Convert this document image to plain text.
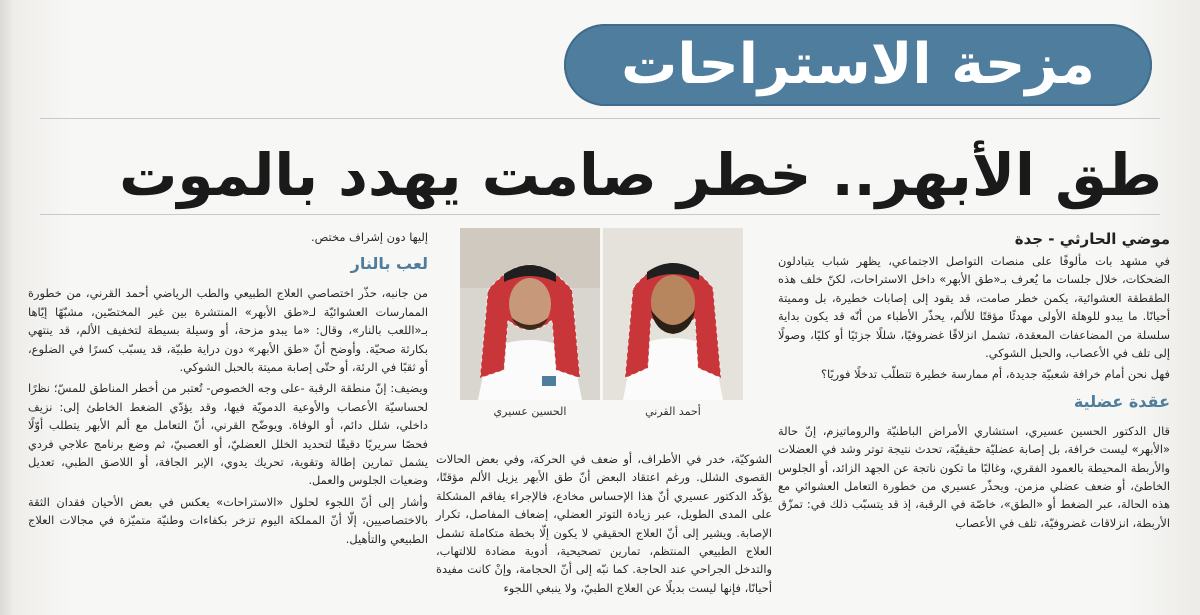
مزحة الاستراحات
طق الأبهر.. خطر صامت يهدد بالموت
موضي الحارثي - جدة

في مشهد بات مألوفًا على منصات التواصل الاجتماعي، يظهر شباب يتبادلون الضحكات، خلال جلسات ما يُعرف بـ«طق الأبهر» داخل الاستراحات، لكنّ خلف هذه الطقطقة العشوائية، يكمن خطر صامت، قد يقود إلى إصابات خطيرة، بل ومميتة أحيانًا. ما يبدو للوهلة الأولى مهدئًا مؤقتًا للألم، يحذّر الأطباء من أنّه قد يكون بداية سلسلة من المضاعفات المعقدة، تشمل انزلاقًا غضروفيًا، شللًا جزئيًا أو كليًا، وصولًا إلى تلف في الأعصاب، والحبل الشوكي.

فهل نحن أمام خرافة شعبيّة جديدة، أم ممارسة خطيرة تتطلّب تدخلًا فوريًا؟

عقدة عضلية

قال الدكتور الحسين عسيري، استشاري الأمراض الباطنيّة والروماتيزم، إنّ حالة «الأبهر» ليست خرافة، بل إصابة عضليّة حقيقيّة، تحدث نتيجة توتر وشد في العضلات والأربطة المحيطة بالعمود الفقري، وغالبًا ما تكون ناتجة عن الجهد الزائد، أو الجلوس الخاطئ، أو ضعف عضلي مزمن. ويحذّر عسيري من خطورة التعامل العشوائي مع هذه الحالة، عبر الضغط أو «الطق»، خاصّة في الرقبة، إذ قد يتسبّب ذلك في: تمزّق الأربطة، انزلاقات غضروفيّة، تلف في الأعصاب

أحمد القرني
الحسين عسيري

الشوكيّة، خدر في الأطراف، أو ضعف في الحركة، وفي بعض الحالات القصوى الشلل. ورغم اعتقاد البعض أنّ طق الأبهر يزيل الألم مؤقتًا، يؤكّد الدكتور عسيري أنّ هذا الإحساس مخادع، فالإجراء يفاقم المشكلة على المدى الطويل، عبر زيادة التوتر العضلي، إضعاف المفاصل، تكرار الإصابة. ويشير إلى أنّ العلاج الحقيقي لا يكون إلّا بخطة متكاملة تشمل العلاج الطبيعي المنتظم، تمارين تصحيحية، أدوية مضادة للالتهاب، والتدخل الجراحي عند الحاجة. كما نبّه إلى أنّ الحجامة، وإنْ كانت مفيدة أحيانًا، فإنها ليست بديلًا عن العلاج الطبيّ، ولا ينبغي اللجوء

إليها دون إشراف مختص.

لعب بالنار

من جانبه، حذّر اختصاصي العلاج الطبيعي والطب الرياضي أحمد القرني، من خطورة الممارسات العشوائيّة لـ«طق الأبهر» المنتشرة بين غير المختصّين، مشبّهًا إيّاها بـ«اللعب بالنار»، وقال: «ما يبدو مزحة، أو وسيلة بسيطة لتخفيف الألم، قد ينتهي بكارثة صحيّة. وأوضح أنّ «طق الأبهر» دون دراية طبيّة، قد يسبّب كسرًا في الضلوع، أو ثقبًا في الرئة، أو حتّى إصابة مميتة بالحبل الشوكي.

ويضيف: إنّ منطقة الرقبة -على وجه الخصوص- تُعتبر من أخطر المناطق للمسّ؛ نظرًا لحساسيّة الأعصاب والأوعية الدمويّة فيها، وقد يؤدّي الضغط الخاطئ إلى: نزيف داخلي، شلل دائم، أو الوفاة. ويوضّح القرني، أنّ التعامل مع ألم الأبهر يتطلب أوّلًا فحصًا سريريًا دقيقًا لتحديد الخلل العضليّ، أو العصبيّ، ثم وضع برنامج علاجي فردي يشمل تمارين إطالة وتقوية، تحريك يدوي، الإبر الجافة، أو اللاصق الطبي، تعديل وضعيات الجلوس والعمل.

وأشار إلى أنّ اللجوء لحلول «الاستراحات» يعكس في بعض الأحيان فقدان الثقة بالاختصاصيين، إلّا أنّ المملكة اليوم تزخر بكفاءات وطنيّة متميّزة في مجالات العلاج الطبيعي والتأهيل.
